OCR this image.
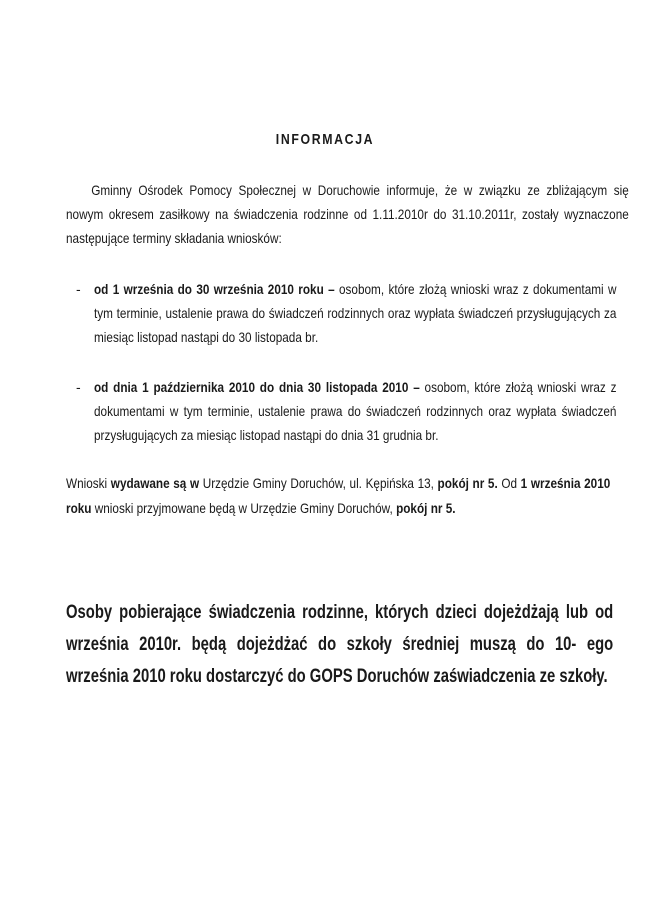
INFORMACJA
Gminny Ośrodek Pomocy Społecznej w Doruchowie informuje, że w związku ze zbliżającym się nowym okresem zasiłkowy na świadczenia rodzinne od 1.11.2010r do 31.10.2011r, zostały wyznaczone następujące terminy składania wniosków:
- od 1 września do 30 września 2010 roku – osobom, które złożą wnioski wraz z dokumentami w tym terminie, ustalenie prawa do świadczeń rodzinnych oraz wypłata świadczeń przysługujących za miesiąc listopad nastąpi do 30 listopada br.
- od dnia 1 października 2010 do dnia 30 listopada 2010 – osobom, które złożą wnioski wraz z dokumentami w tym terminie, ustalenie prawa do świadczeń rodzinnych oraz wypłata świadczeń przysługujących za miesiąc listopad nastąpi do dnia 31 grudnia br.
Wnioski wydawane są w Urzędzie Gminy Doruchów, ul. Kępińska 13, pokój nr 5. Od 1 września 2010 roku wnioski przyjmowane będą w Urzędzie Gminy Doruchów, pokój nr 5.
Osoby pobierające świadczenia rodzinne, których dzieci dojeżdżają lub od września 2010r. będą dojeżdżać do szkoły średniej muszą do 10- ego września 2010 roku dostarczyć do GOPS Doruchów zaświadczenia ze szkoły.
